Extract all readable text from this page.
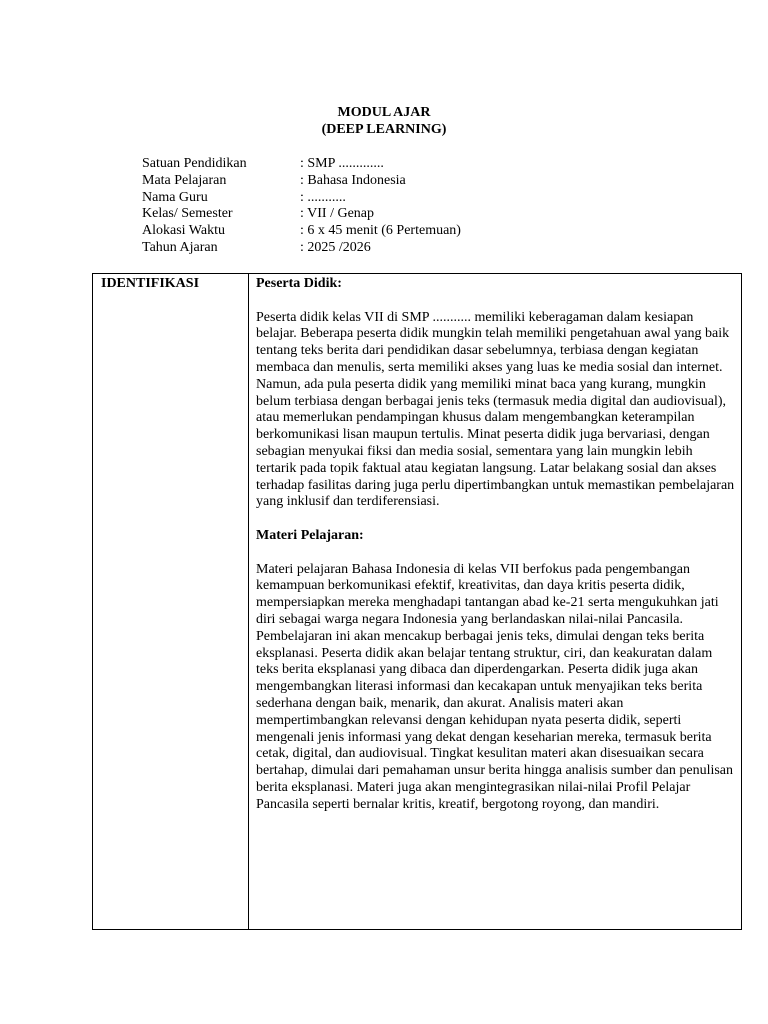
MODUL AJAR
(DEEP LEARNING)
Satuan Pendidikan	: SMP .............
Mata Pelajaran	: Bahasa Indonesia
Nama Guru	: ...........
Kelas/ Semester	: VII / Genap
Alokasi Waktu	: 6 x 45 menit (6 Pertemuan)
Tahun Ajaran	: 2025 /2026
IDENTIFIKASI	Peserta Didik:

Peserta didik kelas VII di SMP ........... memiliki keberagaman dalam kesiapan belajar. Beberapa peserta didik mungkin telah memiliki pengetahuan awal yang baik tentang teks berita dari pendidikan dasar sebelumnya, terbiasa dengan kegiatan membaca dan menulis, serta memiliki akses yang luas ke media sosial dan internet. Namun, ada pula peserta didik yang memiliki minat baca yang kurang, mungkin belum terbiasa dengan berbagai jenis teks (termasuk media digital dan audiovisual), atau memerlukan pendampingan khusus dalam mengembangkan keterampilan berkomunikasi lisan maupun tertulis. Minat peserta didik juga bervariasi, dengan sebagian menyukai fiksi dan media sosial, sementara yang lain mungkin lebih tertarik pada topik faktual atau kegiatan langsung. Latar belakang sosial dan akses terhadap fasilitas daring juga perlu dipertimbangkan untuk memastikan pembelajaran yang inklusif dan terdiferensiasi.

Materi Pelajaran:

Materi pelajaran Bahasa Indonesia di kelas VII berfokus pada pengembangan kemampuan berkomunikasi efektif, kreativitas, dan daya kritis peserta didik, mempersiapkan mereka menghadapi tantangan abad ke-21 serta mengukuhkan jati diri sebagai warga negara Indonesia yang berlandaskan nilai-nilai Pancasila. Pembelajaran ini akan mencakup berbagai jenis teks, dimulai dengan teks berita eksplanasi. Peserta didik akan belajar tentang struktur, ciri, dan keakuratan dalam teks berita eksplanasi yang dibaca dan diperdengarkan. Peserta didik juga akan mengembangkan literasi informasi dan kecakapan untuk menyajikan teks berita sederhana dengan baik, menarik, dan akurat. Analisis materi akan mempertimbangkan relevansi dengan kehidupan nyata peserta didik, seperti mengenali jenis informasi yang dekat dengan keseharian mereka, termasuk berita cetak, digital, dan audiovisual. Tingkat kesulitan materi akan disesuaikan secara bertahap, dimulai dari pemahaman unsur berita hingga analisis sumber dan penulisan berita eksplanasi. Materi juga akan mengintegrasikan nilai-nilai Profil Pelajar Pancasila seperti bernalar kritis, kreatif, bergotong royong, dan mandiri.
